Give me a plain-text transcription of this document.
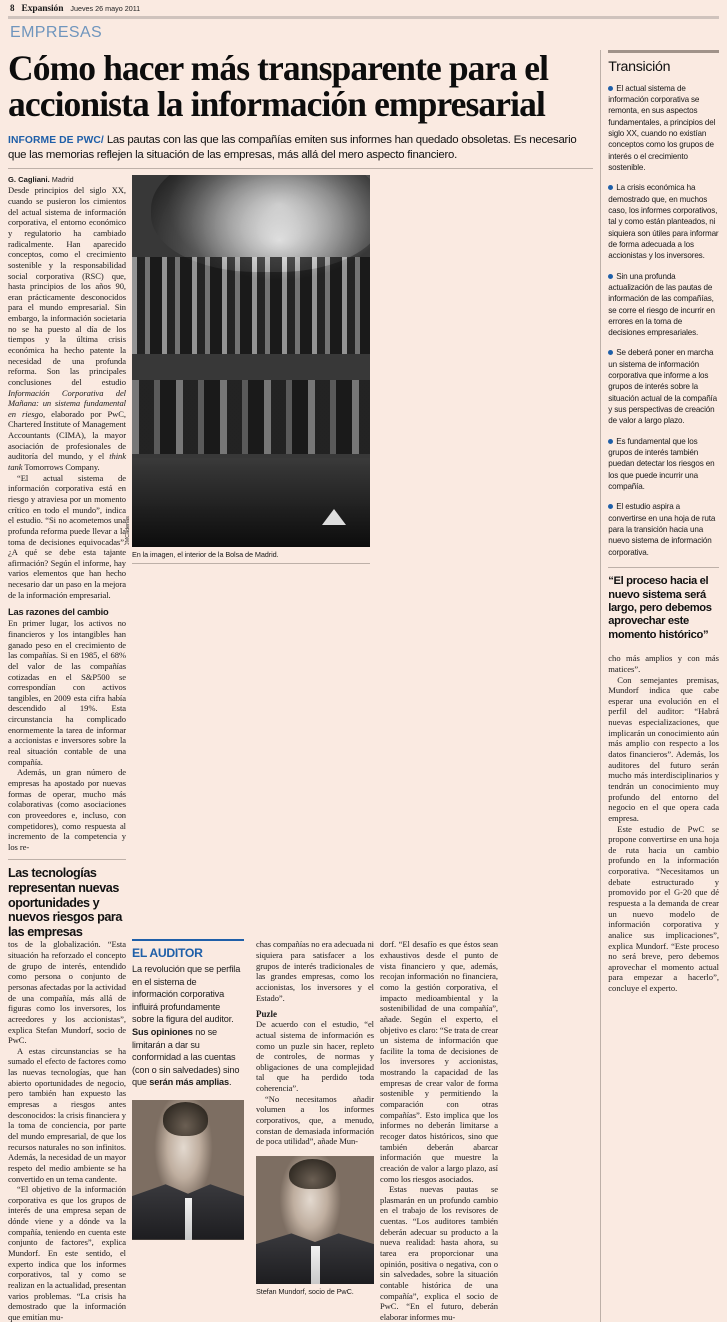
8 Expansión Jueves 26 mayo 2011
EMPRESAS
Cómo hacer más transparente para el accionista la información empresarial
INFORME DE PWC/ Las pautas con las que las compañías emiten sus informes han quedado obsoletas. Es necesario que las memorias reflejen la situación de las empresas, más allá del mero aspecto financiero.

G. Cagliani. Madrid

Desde principios del siglo XX, cuando se pusieron los cimientos del actual sistema de información corporativa, el entorno económico y regulatorio ha cambiado radicalmente. Han aparecido conceptos, como el crecimiento sostenible y la responsabilidad social corporativa (RSC) que, hasta principios de los años 90, eran prácticamente desconocidos para el mundo empresarial. Sin embargo, la información societaria no se ha puesto al día de los tiempos y la última crisis económica ha hecho patente la necesidad de una profunda reforma. Son las principales conclusiones del estudio Información Corporativa del Mañana: un sistema fundamental en riesgo, elaborado por PwC, Chartered Institute of Management Accountants (CIMA), la mayor asociación de profesionales de auditoría del mundo, y el think tank Tomorrows Company.

“El actual sistema de información corporativa está en riesgo y atraviesa por un momento crítico en todo el mundo”, indica el estudio. “Si no acometemos una profunda reforma puede llevar a la toma de decisiones equivocadas”. ¿A qué se debe esta tajante afirmación? Según el informe, hay varios elementos que han hecho necesario dar un paso en la mejora de la información empresarial.

Las razones del cambio

En primer lugar, los activos no financieros y los intangibles han ganado peso en el crecimiento de las compañías. Si en 1985, el 68% del valor de las compañías cotizadas en el S&P500 se correspondían con activos tangibles, en 2009 esta cifra había descendido al 19%. Esta circunstancia ha complicado enormemente la tarea de informar a accionistas e inversores sobre la real situación contable de una compañía.

Además, un gran número de empresas ha apostado por nuevas formas de operar, mucho más colaborativas (como asociaciones con proveedores e, incluso, con competidores), como respuesta al incremento de la competencia y los re-

Las tecnologías representan nuevas oportunidades y nuevos riesgos para las empresas
JMCadenas
En la imagen, el interior de la Bolsa de Madrid.

tos de la globalización. “Esta situación ha reforzado el concepto de grupo de interés, entendido como persona o conjunto de personas afectadas por la actividad de una compañía, más allá de figuras como los inversores, los acreedores y los accionistas”, explica Stefan Mundorf, socio de PwC.

A estas circunstancias se ha sumado el efecto de factores como las nuevas tecnologías, que han abierto oportunidades de negocio, pero también han expuesto las empresas a riesgos antes desconocidos: la crisis financiera y la toma de conciencia, por parte del mundo empresarial, de que los recursos naturales no son infinitos. Además, la necesidad de un mayor respeto del medio ambiente se ha convertido en un tema candente.

“El objetivo de la información corporativa es que los grupos de interés de una empresa sepan de dónde viene y a dónde va la compañía, teniendo en cuenta este conjunto de factores”, explica Mundorf. En este sentido, el experto indica que los informes corporativos, tal y como se realizan en la actualidad, presentan varios problemas. “La crisis ha demostrado que la información que emitían mu-

EL AUDITOR
La revolución que se perfila en el sistema de información corporativa influirá profundamente sobre la figura del auditor. Sus opiniones no se limitarán a dar su conformidad a las cuentas (con o sin salvedades) sino que serán más amplias.

chas compañías no era adecuada ni siquiera para satisfacer a los grupos de interés tradicionales de las grandes empresas, como los accionistas, los inversores y el Estado”.

Puzle

De acuerdo con el estudio, “el actual sistema de información es como un puzle sin hacer, repleto de controles, de normas y obligaciones de una complejidad tal que ha perdido toda coherencia”.

“No necesitamos añadir volumen a los informes corporativos, que, a menudo, constan de demasiada información de poca utilidad”, añade Mun-

Stefan Mundorf, socio de PwC.

dorf. “El desafío es que éstos sean exhaustivos desde el punto de vista financiero y que, además, recojan información no financiera, como la gestión corporativa, el impacto medioambiental y la sostenibilidad de una compañía”, añade. Según el experto, el objetivo es claro: “Se trata de crear un sistema de información que facilite la toma de decisiones de los inversores y accionistas, mostrando la capacidad de las empresas de crear valor de forma sostenible y permitiendo la comparación con otras compañías”. Esto implica que los informes no deberán limitarse a recoger datos históricos, sino que también deberán abarcar información que muestre la creación de valor a largo plazo, así como los riesgos asociados.

Estas nuevas pautas se plasmarán en un profundo cambio en el trabajo de los revisores de cuentas. “Los auditores también deberán adecuar su producto a la nueva realidad: hasta ahora, su tarea era proporcionar una opinión, positiva o negativa, con o sin salvedades, sobre la situación contable histórica de una compañía”, explica el socio de PwC. “En el futuro, deberán elaborar informes mu-

Transición
El actual sistema de información corporativa se remonta, en sus aspectos fundamentales, a principios del siglo XX, cuando no existían conceptos como los grupos de interés o el crecimiento sostenible.
La crisis económica ha demostrado que, en muchos caso, los informes corporativos, tal y como están planteados, ni siquiera son útiles para informar de forma adecuada a los accionistas y los inversores.
Sin una profunda actualización de las pautas de información de las compañías, se corre el riesgo de incurrir en errores en la toma de decisiones empresariales.
Se deberá poner en marcha un sistema de información corporativa que informe a los grupos de interés sobre la situación actual de la compañía y sus perspectivas de creación de valor a largo plazo.
Es fundamental que los grupos de interés también puedan detectar los riesgos en los que puede incurrir una compañía.
El estudio aspira a convertirse en una hoja de ruta para la transición hacia una nuevo sistema de información corporativa.
“El proceso hacia el nuevo sistema será largo, pero debemos aprovechar este momento histórico”

cho más amplios y con más matices”.

Con semejantes premisas, Mundorf indica que cabe esperar una evolución en el perfil del auditor: “Habrá nuevas especializaciones, que implicarán un conocimiento aún más amplio con respecto a los datos financieros”. Además, los auditores del futuro serán mucho más interdisciplinarios y tendrán un conocimiento muy profundo del entorno del negocio en el que opera cada empresa.

Este estudio de PwC se propone convertirse en una hoja de ruta hacia un cambio profundo en la información corporativa. “Necesitamos un debate estructurado y promovido por el G-20 que dé respuesta a la demanda de crear un nuevo modelo de información corporativa y analice sus implicaciones”, explica Mundorf. “Este proceso no será breve, pero debemos aprovechar el momento actual para empezar a hacerlo”, concluye el experto.
